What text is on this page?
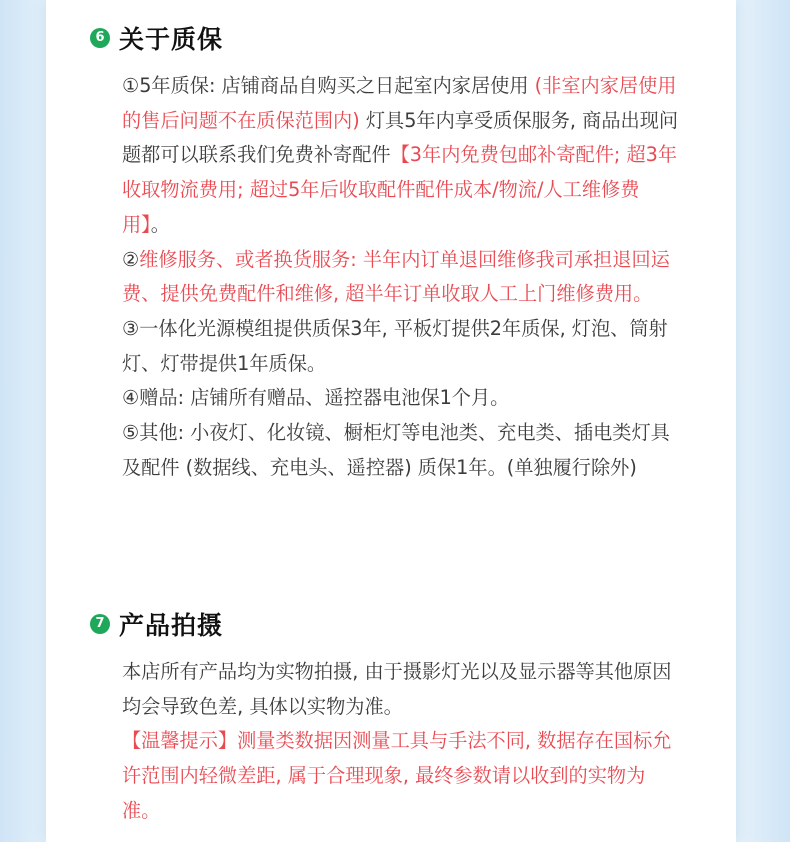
6 关于质保
①5年质保: 店铺商品自购买之日起室内家居使用 (非室内家居使用的售后问题不在质保范围内) 灯具5年内享受质保服务, 商品出现问题都可以联系我们免费补寄配件【3年内免费包邮补寄配件; 超3年收取物流费用; 超过5年后收取配件配件成本/物流/人工维修费用】。
②维修服务、或者换货服务: 半年内订单退回维修我司承担退回运费、提供免费配件和维修, 超半年订单收取人工上门维修费用。
③一体化光源模组提供质保3年, 平板灯提供2年质保, 灯泡、筒射灯、灯带提供1年质保。
④赠品: 店铺所有赠品、遥控器电池保1个月。
⑤其他: 小夜灯、化妆镜、橱柜灯等电池类、充电类、插电类灯具及配件 (数据线、充电头、遥控器) 质保1年。(单独履行除外)
7 产品拍摄
本店所有产品均为实物拍摄, 由于摄影灯光以及显示器等其他原因均会导致色差, 具体以实物为准。
【温馨提示】测量类数据因测量工具与手法不同, 数据存在国标允许范围内轻微差距, 属于合理现象, 最终参数请以收到的实物为准。
